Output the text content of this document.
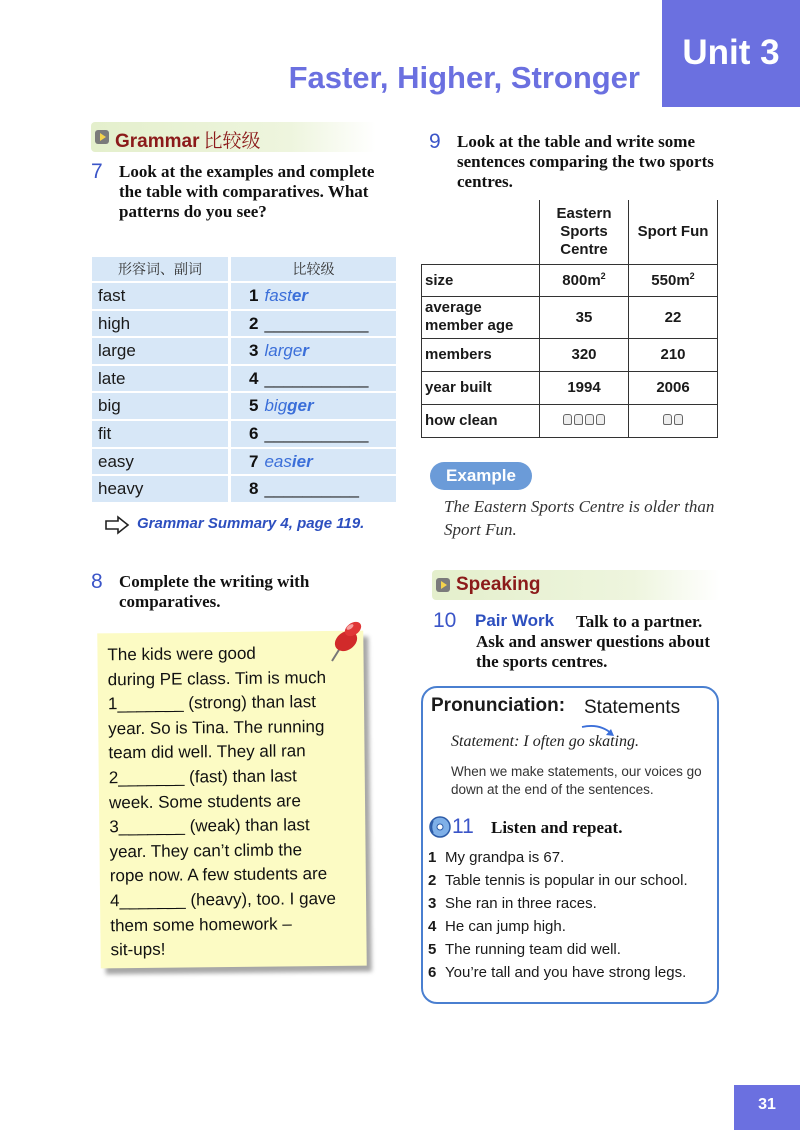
Unit 3
Faster, Higher, Stronger
Grammar 比较级
7 Look at the examples and complete the table with comparatives. What patterns do you see?
形容词、副词	比较级
fast	1 faster
high	2 ___________
large	3 larger
late	4 ___________
big	5 bigger
fit	6 ___________
easy	7 easier
heavy	8 __________
Grammar Summary 4, page 119.
8 Complete the writing with comparatives.

The kids were good
during PE class. Tim is much
1_______ (strong) than last
year. So is Tina. The running
team did well. They all ran
2_______ (fast) than last
week. Some students are
3_______ (weak) than last
year. They can’t climb the
rope now. A few students are
4_______ (heavy), too. I gave
them some homework –
sit-ups!

9 Look at the table and write some sentences comparing the two sports centres.
	Eastern
Sports
Centre	Sport Fun
size	$800m^2$	$550m^2$
average member age	35	22
members	320	210
year built	1994	2006
how clean		
Example
The Eastern Sports Centre is older than Sport Fun.
Speaking
10 Pair Work	Talk to a partner. Ask and answer questions about the sports centres.
Pronunciation: Statements
Statement: I often go skating.
When we make statements, our voices go down at the end of the sentences.
11 Listen and repeat.
1 My grandpa is 67.
2 Table tennis is popular in our school.
3 She ran in three races.
4 He can jump high.
5 The running team did well.
6 You’re tall and you have strong legs.
31
